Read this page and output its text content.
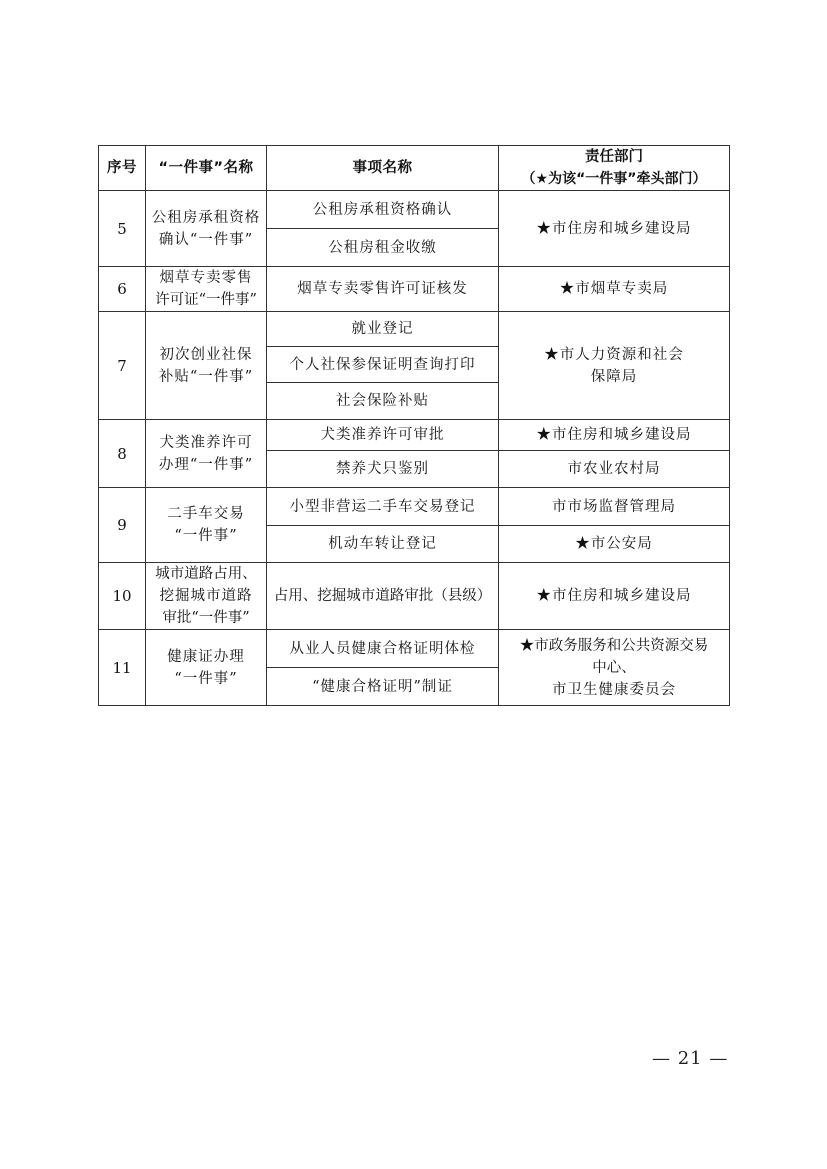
序号	“一件事”名称	事项名称	责任部门
（★为该“一件事”牵头部门）

5	公租房承租资格
确认“一件事”	公租房承租资格确认	★市住房和城乡建设局

		公租房租金收缴	
6	烟草专卖零售
许可证“一件事”	烟草专卖零售许可证核发	★市烟草专卖局

7	初次创业社保
补贴“一件事”	就业登记	★市人力资源和社会
保障局

		个人社保参保证明查询打印	
		社会保险补贴	
8	犬类准养许可
办理“一件事”	犬类准养许可审批	★市住房和城乡建设局

		禁养犬只鉴别	市农业农村局

9	二手车交易
“一件事”	小型非营运二手车交易登记	市市场监督管理局

		机动车转让登记	★市公安局

10	城市道路占用、
挖掘城市道路
审批“一件事”	占用、挖掘城市道路审批（县级）	★市住房和城乡建设局

11	健康证办理
“一件事”	从业人员健康合格证明体检	★市政务服务和公共资源交易
中心、
市卫生健康委员会

		“健康合格证明”制证	
— 21 —
